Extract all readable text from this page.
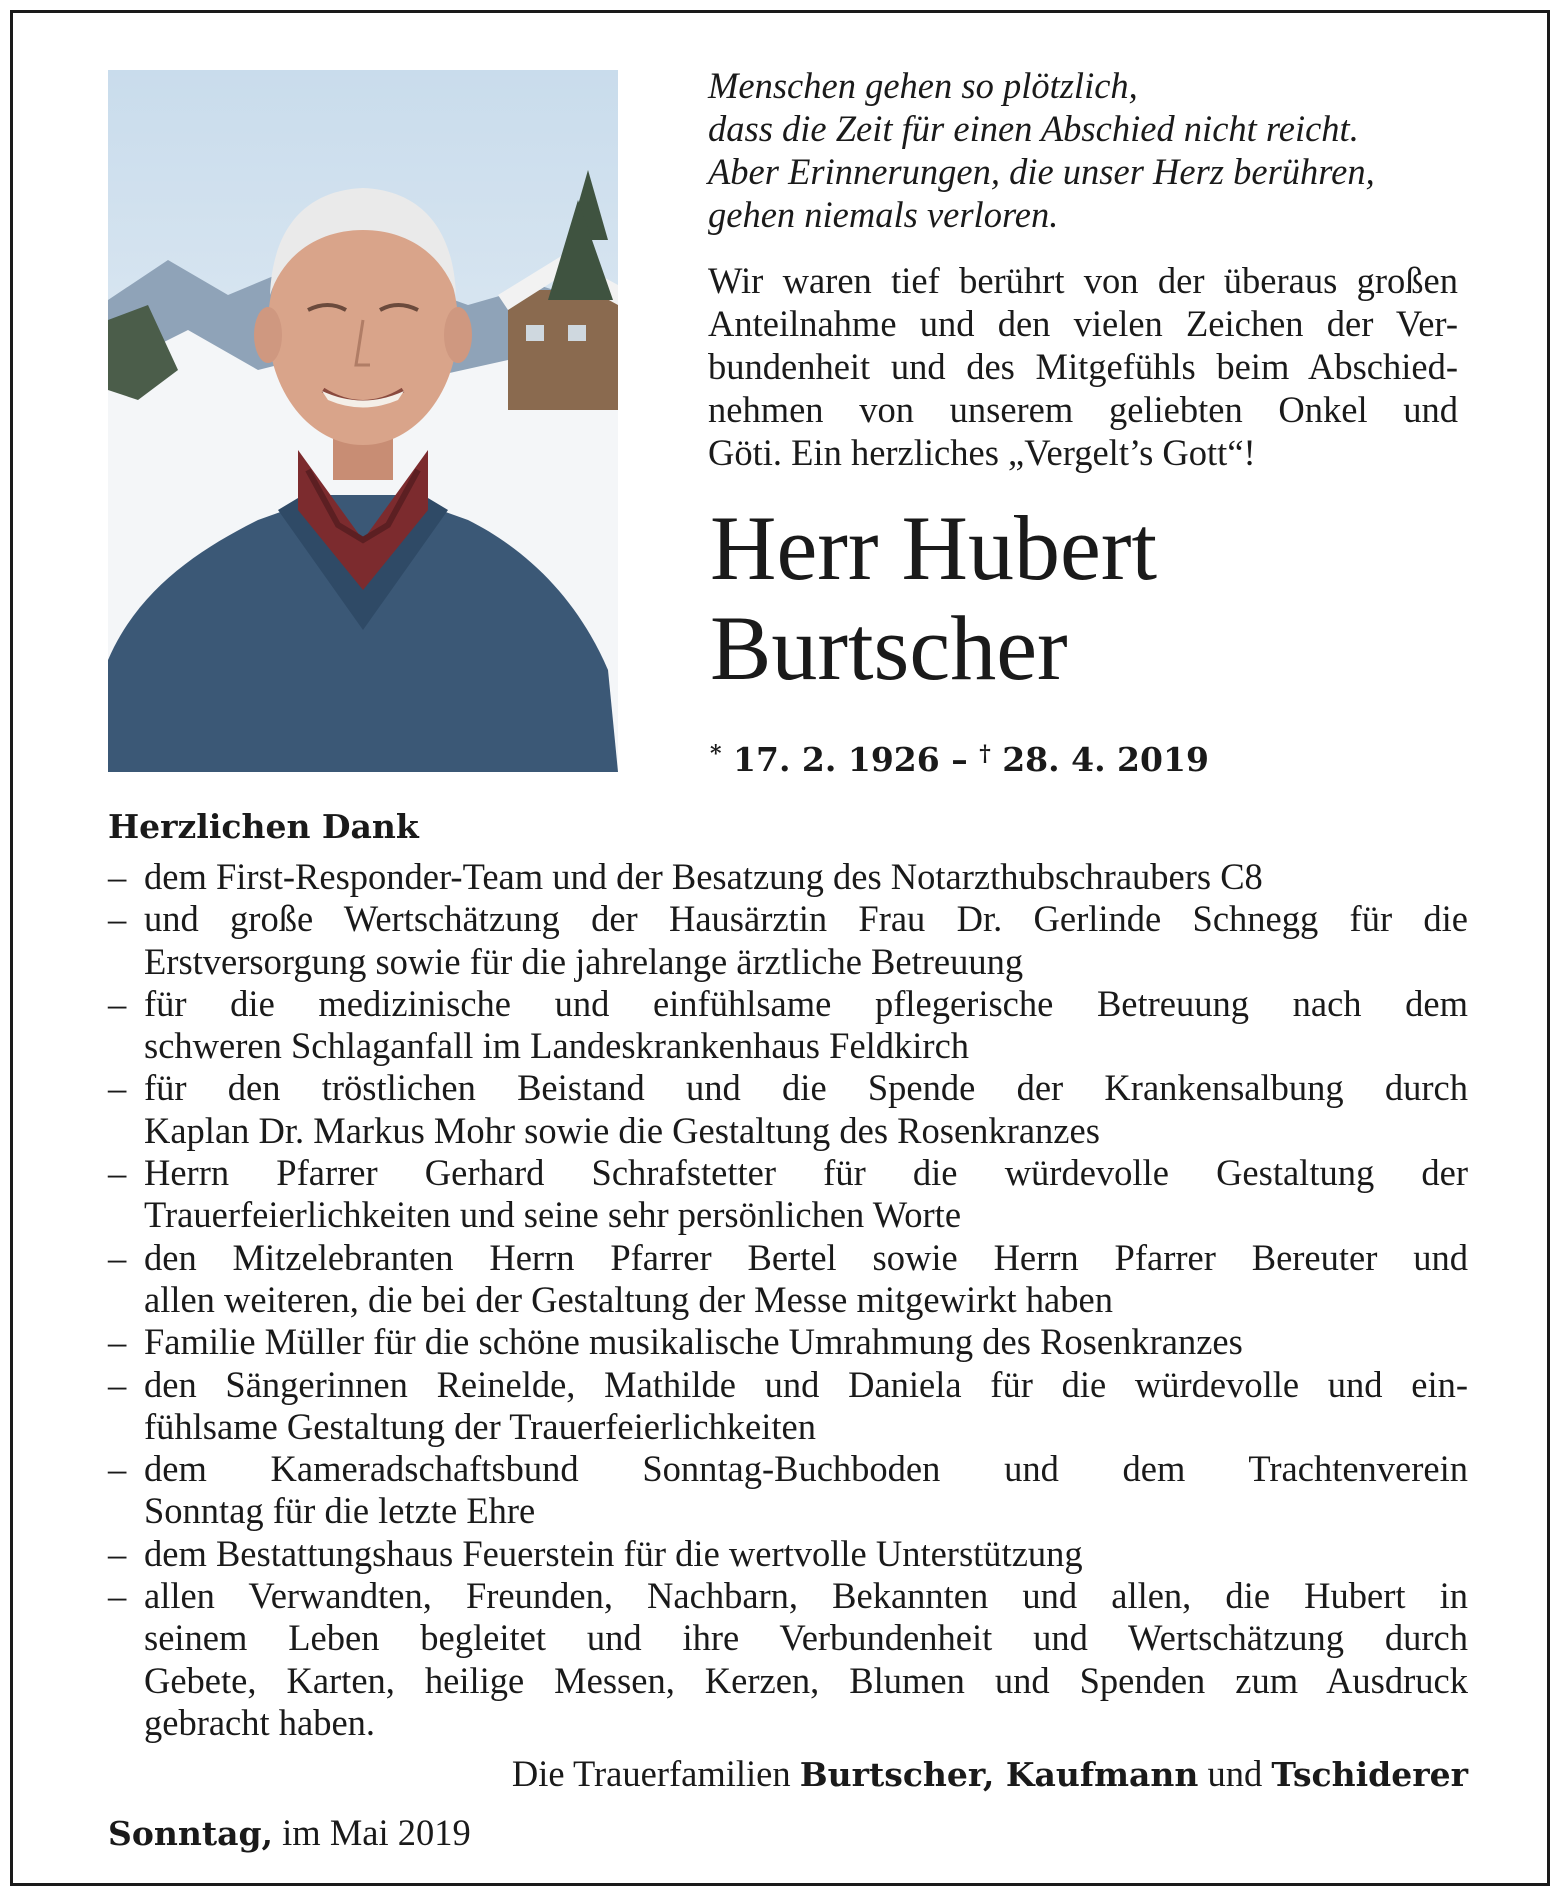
Menschen gehen so plötzlich,
dass die Zeit für einen Abschied nicht reicht.
Aber Erinnerungen, die unser Herz berühren,
gehen niemals verloren.

Wir waren tief berührt von der überaus großen
Anteilnahme und den vielen Zeichen der Ver-
bundenheit und des Mitgefühls beim Abschied-
nehmen von unserem geliebten Onkel und
Göti. Ein herzliches „Vergelt’s Gott“!

Herr Hubert
Burtscher
* 17. 2. 1926 – † 28. 4. 2019
Herzlichen Dank
– dem First-Responder-Team und der Besatzung des Notarzthubschraubers C8
– und große Wertschätzung der Hausärztin Frau Dr. Gerlinde Schnegg für die
Erstversorgung sowie für die jahrelange ärztliche Betreuung
– für die medizinische und einfühlsame pflegerische Betreuung nach dem
schweren Schlaganfall im Landeskrankenhaus Feldkirch
– für den tröstlichen Beistand und die Spende der Krankensalbung durch
Kaplan Dr. Markus Mohr sowie die Gestaltung des Rosenkranzes
– Herrn Pfarrer Gerhard Schrafstetter für die würdevolle Gestaltung der
Trauerfeierlichkeiten und seine sehr persönlichen Worte
– den Mitzelebranten Herrn Pfarrer Bertel sowie Herrn Pfarrer Bereuter und
allen weiteren, die bei der Gestaltung der Messe mitgewirkt haben
– Familie Müller für die schöne musikalische Umrahmung des Rosenkranzes
– den Sängerinnen Reinelde, Mathilde und Daniela für die würdevolle und ein-
fühlsame Gestaltung der Trauerfeierlichkeiten
– dem Kameradschaftsbund Sonntag-Buchboden und dem Trachtenverein
Sonntag für die letzte Ehre
– dem Bestattungshaus Feuerstein für die wertvolle Unterstützung
– allen Verwandten, Freunden, Nachbarn, Bekannten und allen, die Hubert in
seinem Leben begleitet und ihre Verbundenheit und Wertschätzung durch
Gebete, Karten, heilige Messen, Kerzen, Blumen und Spenden zum Ausdruck
gebracht haben.
Die Trauerfamilien Burtscher, Kaufmann und Tschiderer
Sonntag, im Mai 2019
